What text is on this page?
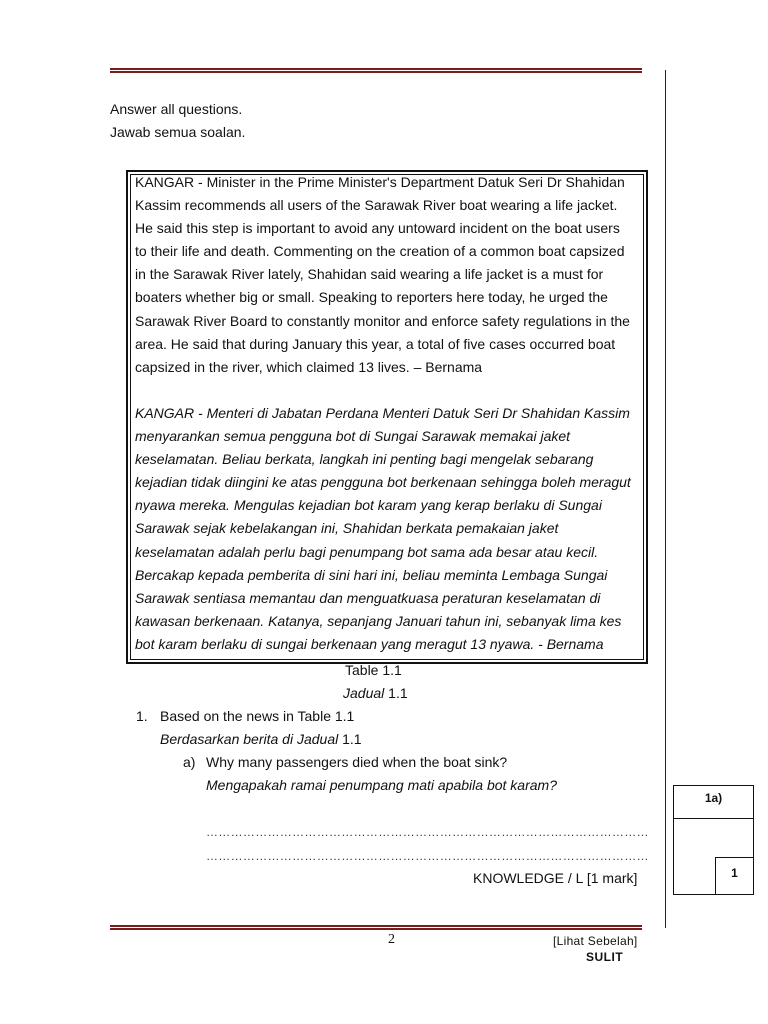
Answer all questions.
Jawab semua soalan.

KANGAR - Minister in the Prime Minister's Department Datuk Seri Dr Shahidan

Kassim recommends all users of the Sarawak River boat wearing a life jacket.

He said this step is important to avoid any untoward incident on the boat users

to their life and death. Commenting on the creation of a common boat capsized

in the Sarawak River lately, Shahidan said wearing a life jacket is a must for

boaters whether big or small. Speaking to reporters here today, he urged the

Sarawak River Board to constantly monitor and enforce safety regulations in the

area. He said that during January this year, a total of five cases occurred boat

capsized in the river, which claimed 13 lives. – Bernama

KANGAR - Menteri di Jabatan Perdana Menteri Datuk Seri Dr Shahidan Kassim

menyarankan semua pengguna bot di Sungai Sarawak memakai jaket

keselamatan. Beliau berkata, langkah ini penting bagi mengelak sebarang

kejadian tidak diingini ke atas pengguna bot berkenaan sehingga boleh meragut

nyawa mereka. Mengulas kejadian bot karam yang kerap berlaku di Sungai

Sarawak sejak kebelakangan ini, Shahidan berkata pemakaian jaket

keselamatan adalah perlu bagi penumpang bot sama ada besar atau kecil.

Bercakap kepada pemberita di sini hari ini, beliau meminta Lembaga Sungai

Sarawak sentiasa memantau dan menguatkuasa peraturan keselamatan di

kawasan berkenaan. Katanya, sepanjang Januari tahun ini, sebanyak lima kes

bot karam berlaku di sungai berkenaan yang meragut 13 nyawa. - Bernama

Table 1.1
Jadual 1.1
1. Based on the news in Table 1.1
Berdasarkan berita di Jadual 1.1
a) Why many passengers died when the boat sink?
Mengapakah ramai penumpang mati apabila bot karam?
………………………………………………………………………………………………
………………………………………………………………………………………………
KNOWLEDGE / L [1 mark]
1a)
1
2	[Lihat Sebelah]
SULIT
